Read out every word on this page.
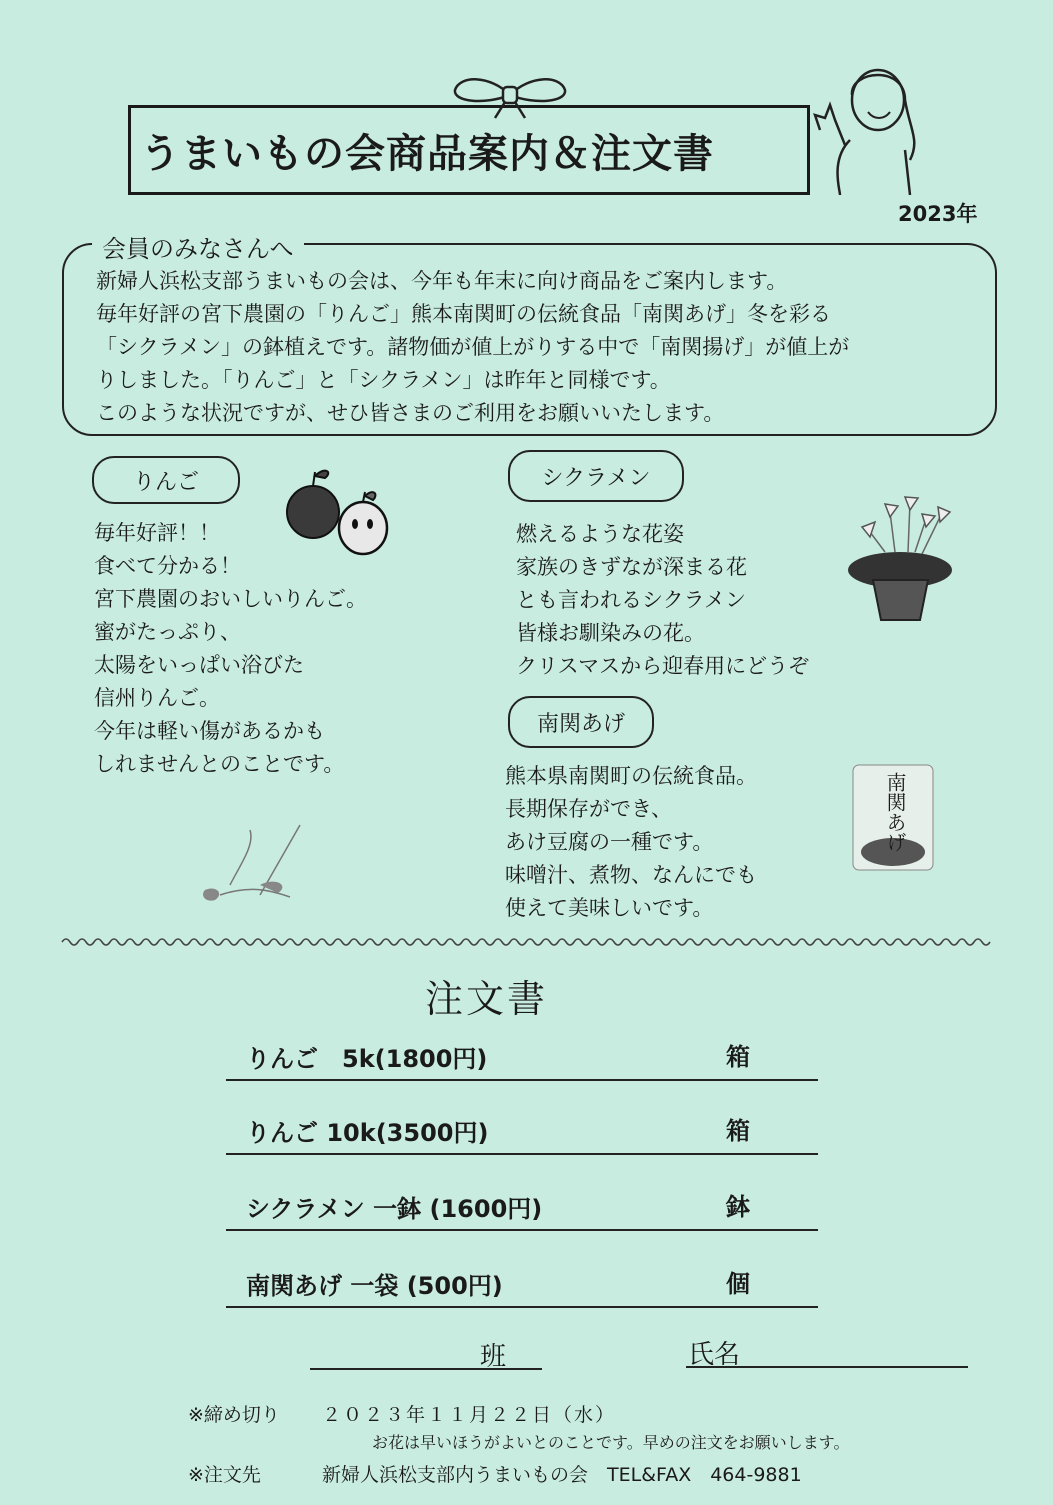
うまいもの会商品案内＆注文書
2023年
会員のみなさんへ
新婦人浜松支部うまいもの会は、今年も年末に向け商品をご案内します。
毎年好評の宮下農園の「りんご」熊本南関町の伝統食品「南関あげ」冬を彩る
「シクラメン」の鉢植えです。諸物価が値上がりする中で「南関揚げ」が値上が
りしました。「りんご」と「シクラメン」は昨年と同様です。
このような状況ですが、せひ皆さまのご利用をお願いいたします。
りんご
毎年好評！！
食べて分かる！
宮下農園のおいしいりんご。
蜜がたっぷり、
太陽をいっぱい浴びた
信州りんご。
今年は軽い傷があるかも
しれませんとのことです。
シクラメン
燃えるような花姿
家族のきずなが深まる花
とも言われるシクラメン
皆様お馴染みの花。
クリスマスから迎春用にどうぞ
南関あげ
熊本県南関町の伝統食品。
長期保存ができ、
あけ豆腐の一種です。
味噌汁、煮物、なんにでも
使えて美味しいです。
南関あげ
注文書
りんご　5k(1800円)	箱
りんご 10k(3500円)	箱
シクラメン 一鉢 (1600円)	鉢
南関あげ 一袋 (500円)	個
班	氏名
※締め切り ２０２３年１１月２２日（水）
お花は早いほうがよいとのことです。早めの注文をお願いします。
※注文先	新婦人浜松支部内うまいもの会　TEL&FAX　464-9881
